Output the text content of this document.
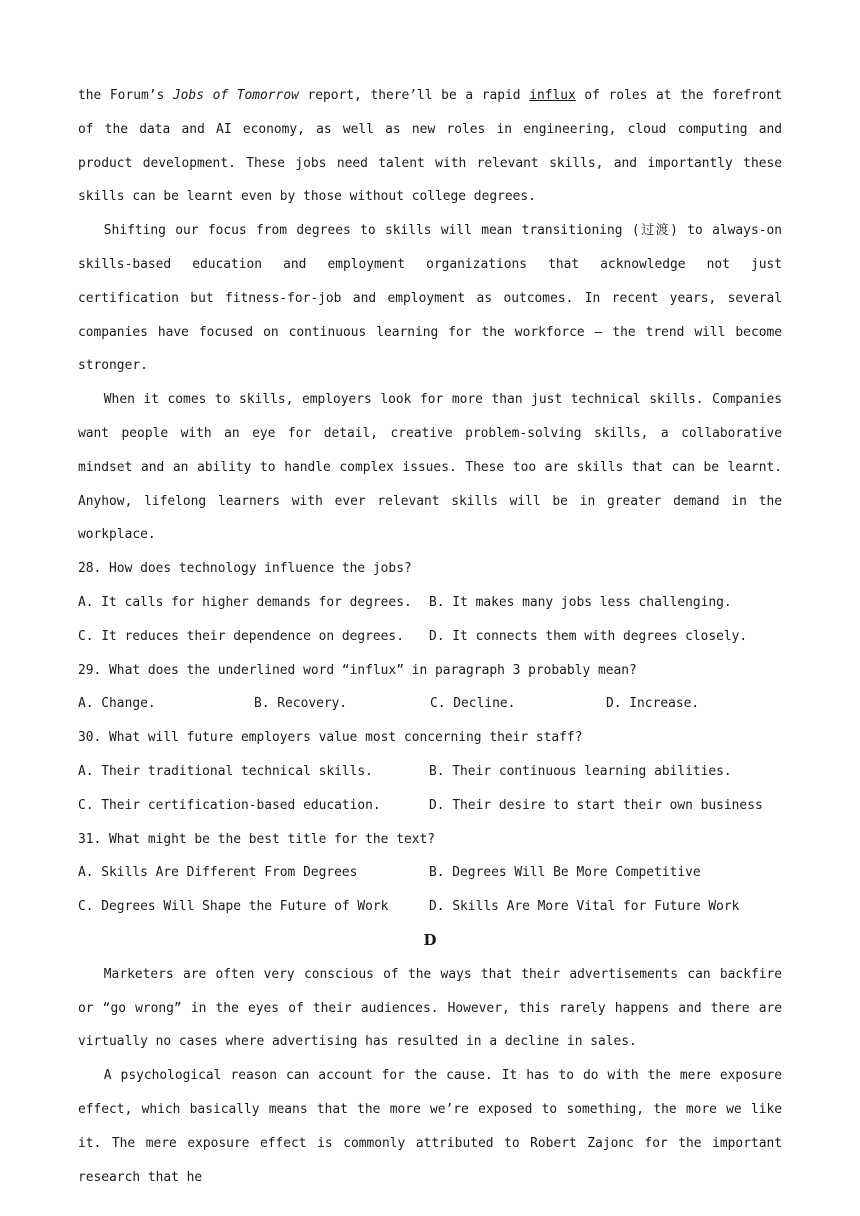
the Forum’s Jobs of Tomorrow report, there’ll be a rapid influx of roles at the forefront of the data and AI economy, as well as new roles in engineering, cloud computing and product development. These jobs need talent with relevant skills, and importantly these skills can be learnt even by those without college degrees.

Shifting our focus from degrees to skills will mean transitioning (过渡) to always-on skills-based education and employment organizations that acknowledge not just certification but fitness-for-job and employment as outcomes. In recent years, several companies have focused on continuous learning for the workforce — the trend will become stronger.

When it comes to skills, employers look for more than just technical skills. Companies want people with an eye for detail, creative problem-solving skills, a collaborative mindset and an ability to handle complex issues. These too are skills that can be learnt. Anyhow, lifelong learners with ever relevant skills will be in greater demand in the workplace.

28. How does technology influence the jobs?

A. It calls for higher demands for degrees.	B. It makes many jobs less challenging.
C. It reduces their dependence on degrees.	D. It connects them with degrees closely.

29. What does the underlined word “influx” in paragraph 3 probably mean?

A. Change.	B. Recovery.	C. Decline.	D. Increase.

30. What will future employers value most concerning their staff?

A. Their traditional technical skills.	B. Their continuous learning abilities.
C. Their certification-based education.	D. Their desire to start their own business

31. What might be the best title for the text?

A. Skills Are Different From Degrees	B. Degrees Will Be More Competitive
C. Degrees Will Shape the Future of Work	D. Skills Are More Vital for Future Work

D

Marketers are often very conscious of the ways that their advertisements can backfire or “go wrong” in the eyes of their audiences. However, this rarely happens and there are virtually no cases where advertising has resulted in a decline in sales.

A psychological reason can account for the cause. It has to do with the mere exposure effect, which basically means that the more we’re exposed to something, the more we like it. The mere exposure effect is commonly attributed to Robert Zajonc for the important research that he
